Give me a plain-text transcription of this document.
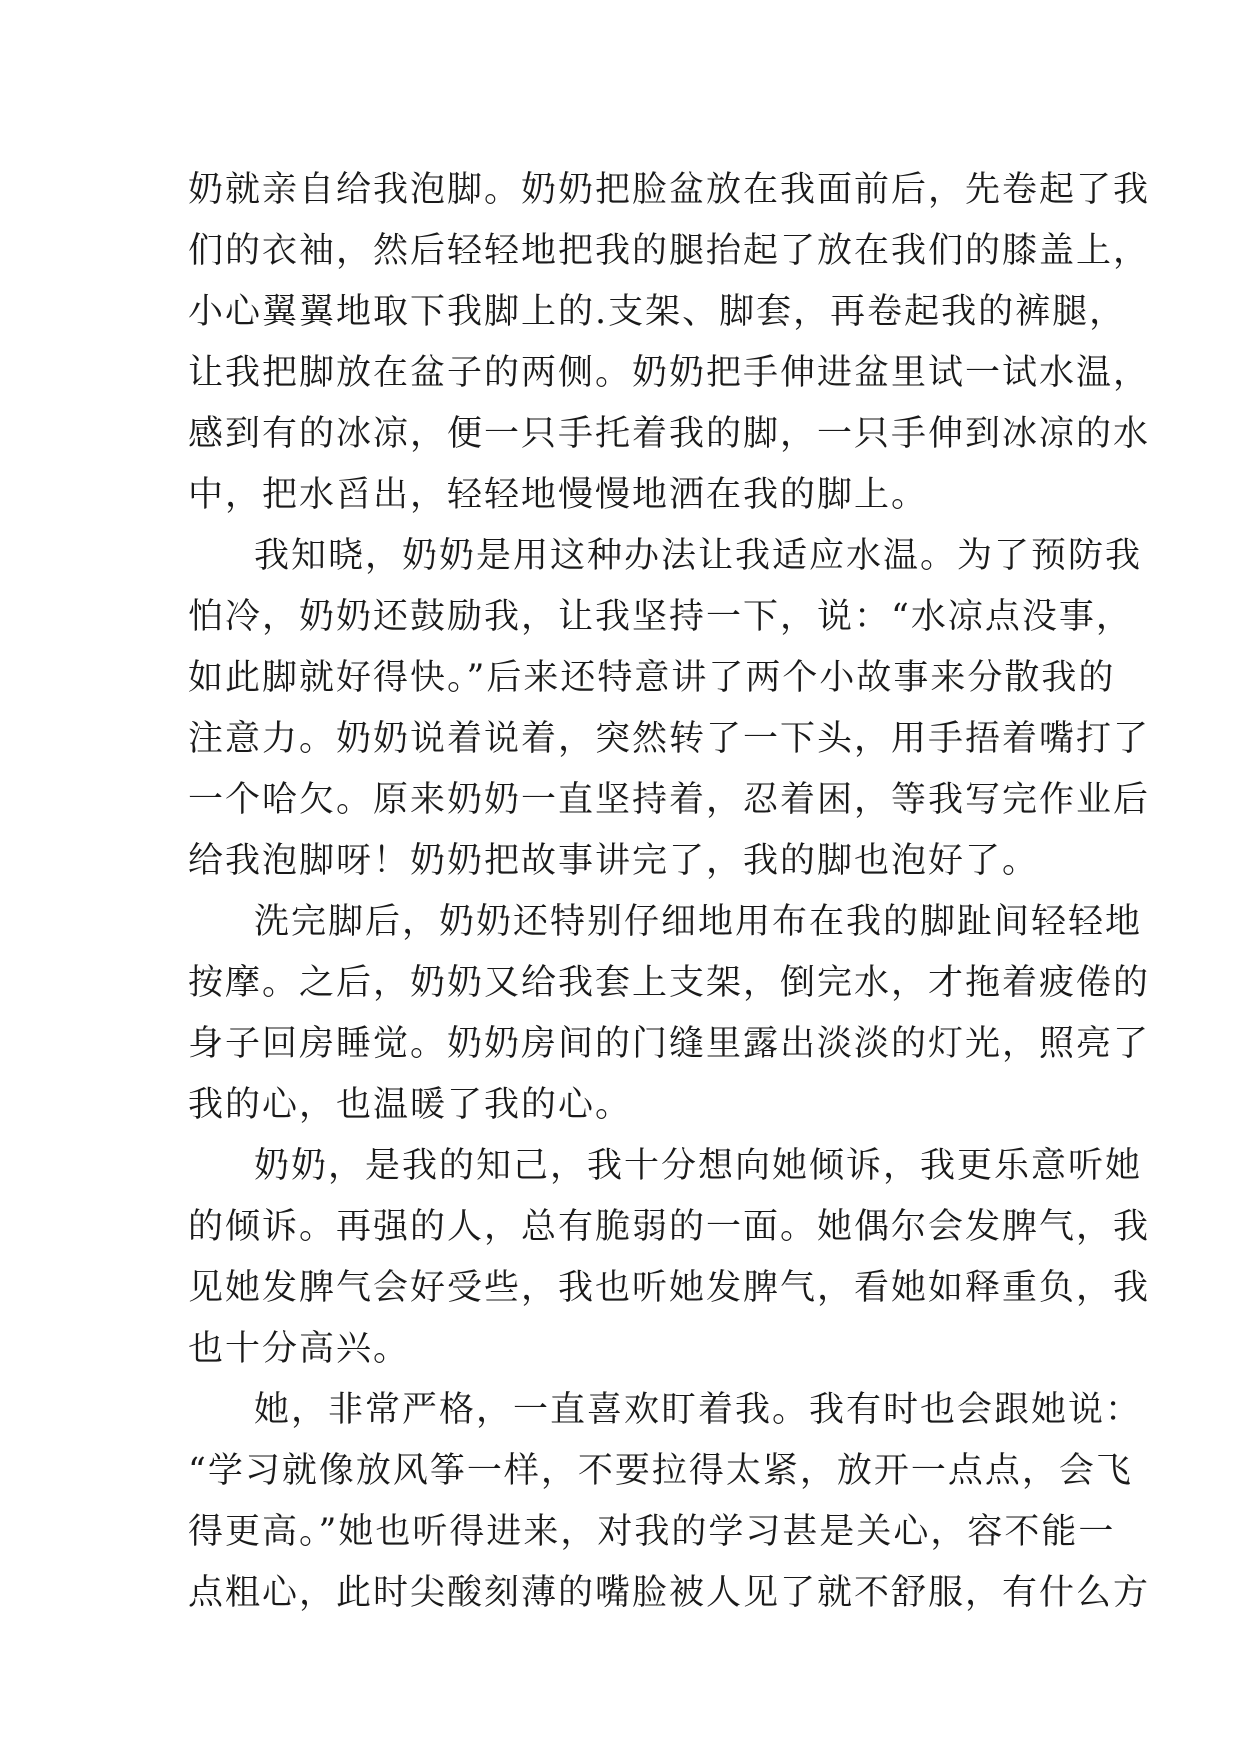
奶就亲自给我泡脚。奶奶把脸盆放在我面前后，先卷起了我
们的衣袖，然后轻轻地把我的腿抬起了放在我们的膝盖上，
小心翼翼地取下我脚上的.支架、脚套，再卷起我的裤腿，
让我把脚放在盆子的两侧。奶奶把手伸进盆里试一试水温，
感到有的冰凉，便一只手托着我的脚，一只手伸到冰凉的水
中，把水舀出，轻轻地慢慢地洒在我的脚上。
我知晓，奶奶是用这种办法让我适应水温。为了预防我
怕冷，奶奶还鼓励我，让我坚持一下，说：“水凉点没事，
如此脚就好得快。”后来还特意讲了两个小故事来分散我的
注意力。奶奶说着说着，突然转了一下头，用手捂着嘴打了
一个哈欠。原来奶奶一直坚持着，忍着困，等我写完作业后
给我泡脚呀！奶奶把故事讲完了，我的脚也泡好了。
洗完脚后，奶奶还特别仔细地用布在我的脚趾间轻轻地
按摩。之后，奶奶又给我套上支架，倒完水，才拖着疲倦的
身子回房睡觉。奶奶房间的门缝里露出淡淡的灯光，照亮了
我的心，也温暖了我的心。
奶奶，是我的知己，我十分想向她倾诉，我更乐意听她
的倾诉。再强的人，总有脆弱的一面。她偶尔会发脾气，我
见她发脾气会好受些，我也听她发脾气，看她如释重负，我
也十分高兴。
她，非常严格，一直喜欢盯着我。我有时也会跟她说：
“学习就像放风筝一样，不要拉得太紧，放开一点点，会飞
得更高。”她也听得进来，对我的学习甚是关心，容不能一
点粗心，此时尖酸刻薄的嘴脸被人见了就不舒服，有什么方
